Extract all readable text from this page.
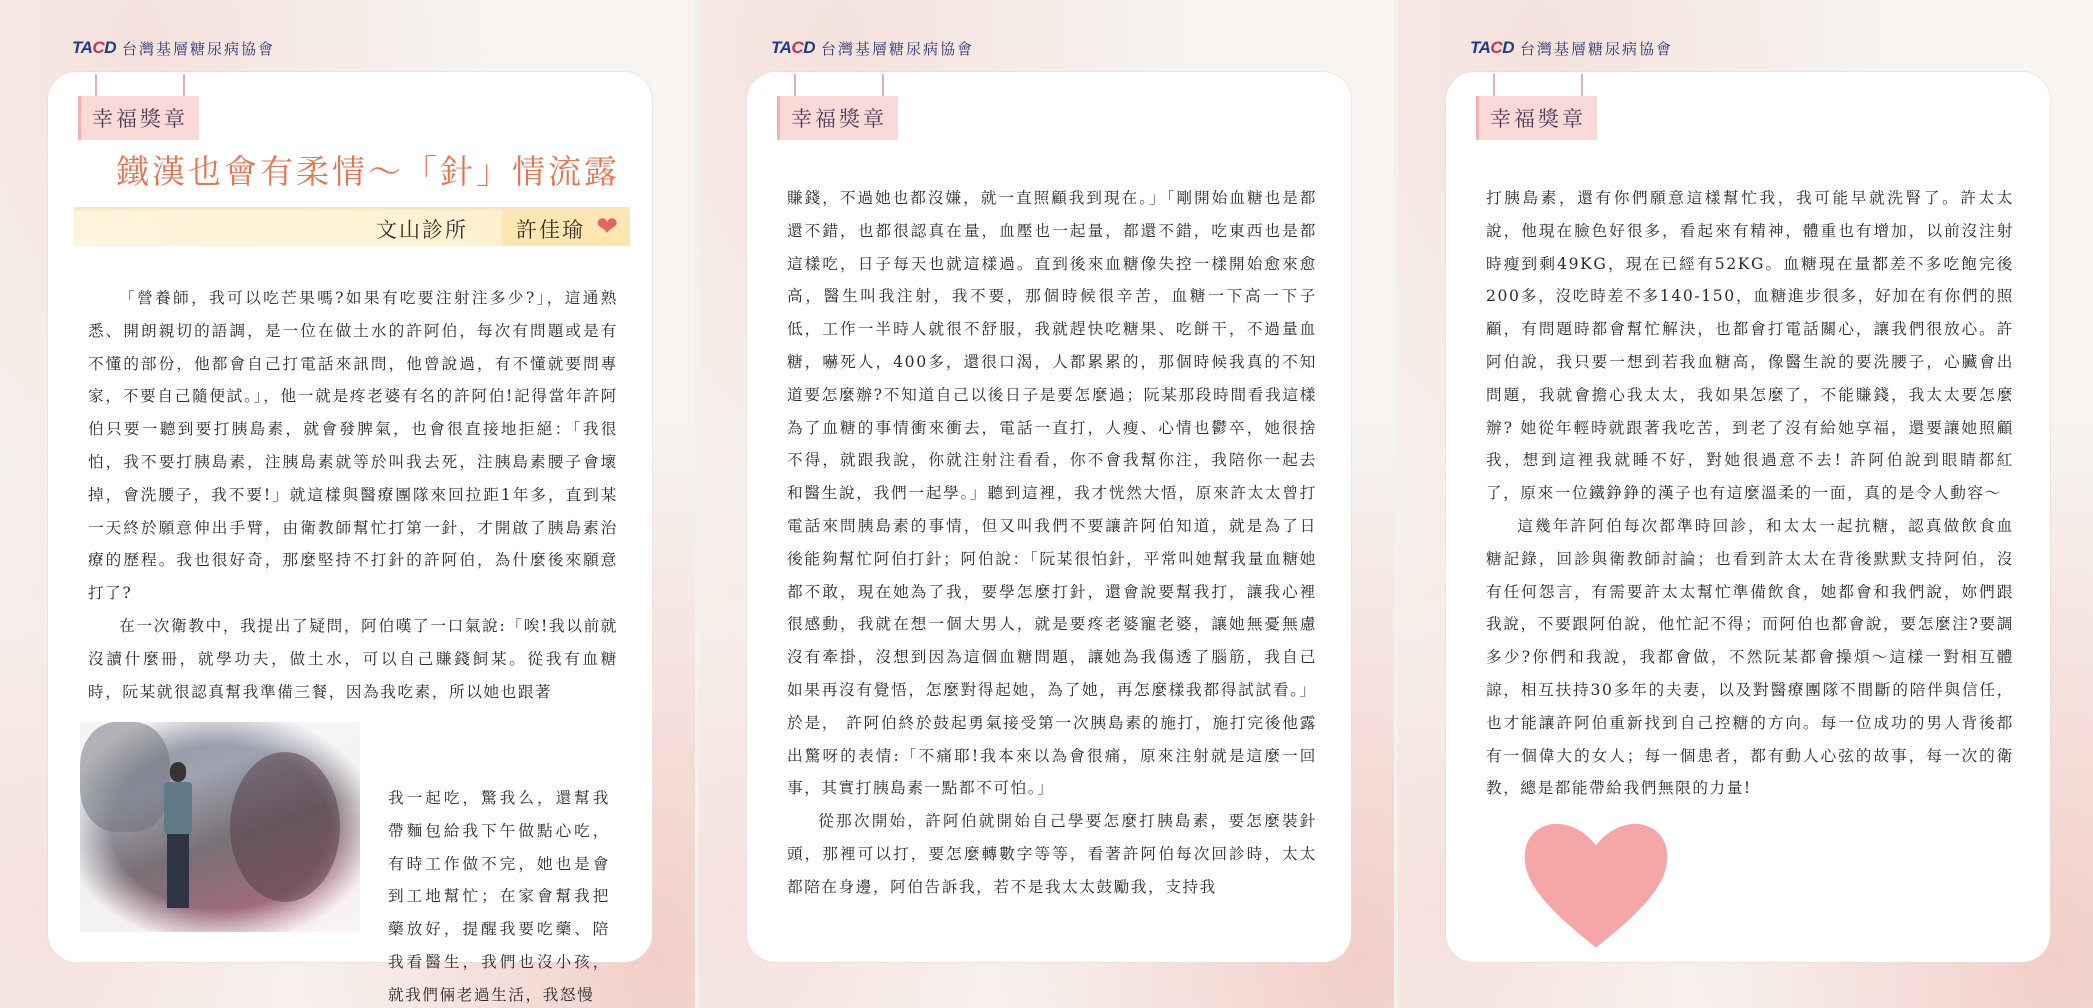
TACD 台灣基層糖尿病協會
幸福獎章
鐵漢也會有柔情～「針」情流露
文山診所 許佳瑜 ❤

「營養師，我可以吃芒果嗎?如果有吃要注射注多少?」，這通熟悉、開朗親切的語調，是一位在做土水的許阿伯，每次有問題或是有不懂的部份，他都會自己打電話來訊問，他曾說過，有不懂就要問專家，不要自己隨便試。」，他一就是疼老婆有名的許阿伯!記得當年許阿伯只要一聽到要打胰島素，就會發脾氣，也會很直接地拒絕：「我很怕，我不要打胰島素，注胰島素就等於叫我去死，注胰島素腰子會壞掉，會洗腰子，我不要!」就這樣與醫療團隊來回拉距1年多，直到某一天終於願意伸出手臂，由衛教師幫忙打第一針，才開啟了胰島素治療的歷程。我也很好奇，那麼堅持不打針的許阿伯，為什麼後來願意打了?

在一次衛教中，我提出了疑問，阿伯嘆了一口氣說:「唉!我以前就沒讀什麼冊，就學功夫，做土水，可以自己賺錢飼某。從我有血糖時，阮某就很認真幫我準備三餐，因為我吃素，所以她也跟著

我一起吃，驚我么，還幫我帶麵包給我下午做點心吃，有時工作做不完，她也是會到工地幫忙；在家會幫我把藥放好，提醒我要吃藥、陪我看醫生，我們也沒小孩，就我們倆老過生活，我怒慢

TACD 台灣基層糖尿病協會
幸福獎章

賺錢，不過她也都沒嫌，就一直照顧我到現在。」「剛開始血糖也是都還不錯，也都很認真在量，血壓也一起量，都還不錯，吃東西也是都這樣吃，日子每天也就這樣過。直到後來血糖像失控一樣開始愈來愈高，醫生叫我注射，我不要，那個時候很辛苦，血糖一下高一下子低，工作一半時人就很不舒服，我就趕快吃糖果、吃餅干，不過量血糖，嚇死人，400多，還很口渴，人都累累的，那個時候我真的不知道要怎麼辦?不知道自己以後日子是要怎麼過；阮某那段時間看我這樣為了血糖的事情衝來衝去，電話一直打，人瘦、心情也鬱卒，她很捨不得，就跟我說，你就注射注看看，你不會我幫你注，我陪你一起去和醫生說，我們一起學。」聽到這裡，我才恍然大悟，原來許太太曾打電話來問胰島素的事情，但又叫我們不要讓許阿伯知道，就是為了日後能夠幫忙阿伯打針；阿伯說：「阮某很怕針，平常叫她幫我量血糖她都不敢，現在她為了我，要學怎麼打針，還會說要幫我打，讓我心裡很感動，我就在想一個大男人，就是要疼老婆寵老婆，讓她無憂無慮沒有牽掛，沒想到因為這個血糖問題，讓她為我傷透了腦筋，我自己如果再沒有覺悟，怎麼對得起她，為了她，再怎麼樣我都得試試看。」於是， 許阿伯終於鼓起勇氣接受第一次胰島素的施打，施打完後他露出驚呀的表情:「不痛耶!我本來以為會很痛，原來注射就是這麼一回事，其實打胰島素一點都不可怕。」

從那次開始，許阿伯就開始自己學要怎麼打胰島素，要怎麼裝針頭，那裡可以打，要怎麼轉數字等等，看著許阿伯每次回診時，太太都陪在身邊，阿伯告訴我，若不是我太太鼓勵我，支持我

TACD 台灣基層糖尿病協會
幸福獎章

打胰島素，還有你們願意這樣幫忙我，我可能早就洗腎了。許太太說，他現在臉色好很多，看起來有精神，體重也有增加，以前沒注射時瘦到剩49KG，現在已經有52KG。血糖現在量都差不多吃飽完後200多，沒吃時差不多140-150，血糖進步很多，好加在有你們的照顧，有問題時都會幫忙解決，也都會打電話關心，讓我們很放心。許阿伯說，我只要一想到若我血糖高，像醫生說的要洗腰子，心臟會出問題，我就會擔心我太太，我如果怎麼了，不能賺錢，我太太要怎麼辦? 她從年輕時就跟著我吃苦，到老了沒有給她享福，還要讓她照顧我，想到這裡我就睡不好，對她很過意不去! 許阿伯說到眼睛都紅了，原來一位鐵錚錚的漢子也有這麼溫柔的一面，真的是令人動容～

這幾年許阿伯每次都準時回診，和太太一起抗糖，認真做飲食血糖記錄，回診與衛教師討論；也看到許太太在背後默默支持阿伯，沒有任何怨言，有需要許太太幫忙準備飲食，她都會和我們說，妳們跟我說，不要跟阿伯說，他忙記不得；而阿伯也都會說，要怎麼注?要調多少?你們和我說，我都會做，不然阮某都會操煩～這樣一對相互體諒，相互扶持30多年的夫妻，以及對醫療團隊不間斷的陪伴與信任，也才能讓許阿伯重新找到自己控糖的方向。每一位成功的男人背後都有一個偉大的女人；每一個患者，都有動人心弦的故事，每一次的衛教，總是都能帶給我們無限的力量!
